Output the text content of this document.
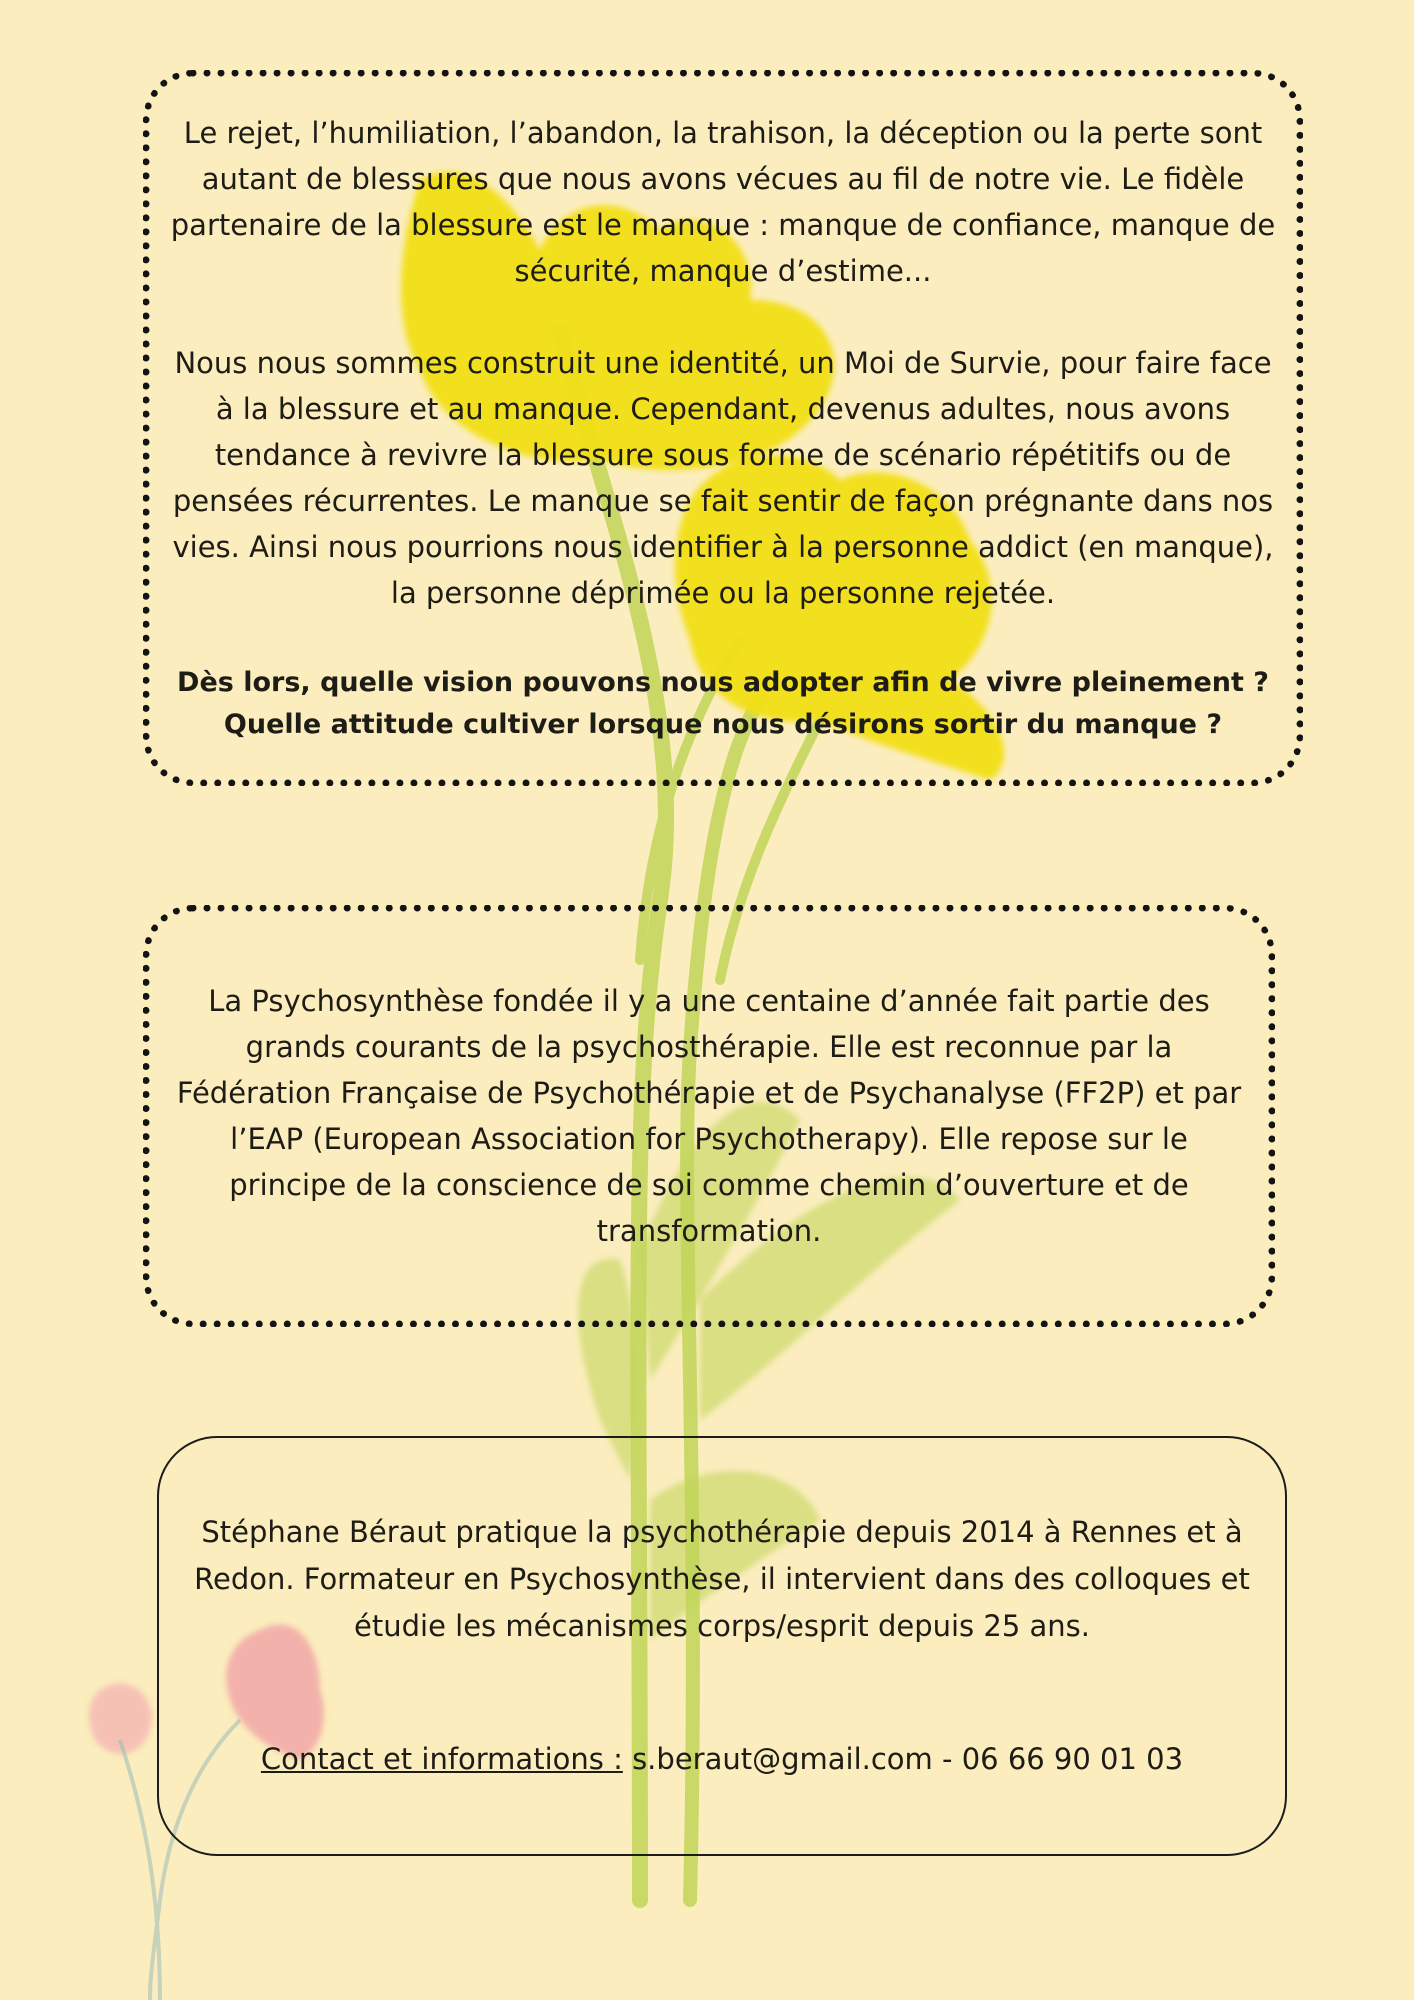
Le rejet, l’humiliation, l’abandon, la trahison, la déception ou la perte sont autant de blessures que nous avons vécues au fil de notre vie. Le fidèle partenaire de la blessure est le manque : manque de confiance, manque de sécurité, manque d’estime...

Nous nous sommes construit une identité, un Moi de Survie, pour faire face à la blessure et au manque. Cependant, devenus adultes, nous avons tendance à revivre la blessure sous forme de scénario répétitifs ou de pensées récurrentes. Le manque se fait sentir de façon prégnante dans nos vies. Ainsi nous pourrions nous identifier à la personne addict (en manque), la personne déprimée ou la personne rejetée.

Dès lors, quelle vision pouvons nous adopter afin de vivre pleinement ?

Quelle attitude cultiver lorsque nous désirons sortir du manque ?

La Psychosynthèse fondée il y a une centaine d’année fait partie des grands courants de la psychosthérapie. Elle est reconnue par la Fédération Française de Psychothérapie et de Psychanalyse (FF2P) et par l’EAP (European Association for Psychotherapy). Elle repose sur le principe de la conscience de soi comme chemin d’ouverture et de transformation.

Stéphane Béraut pratique la psychothérapie depuis 2014 à Rennes et à Redon. Formateur en Psychosynthèse, il intervient dans des colloques et étudie les mécanismes corps/esprit depuis 25 ans.

Contact et informations : s.beraut@gmail.com - 06 66 90 01 03
